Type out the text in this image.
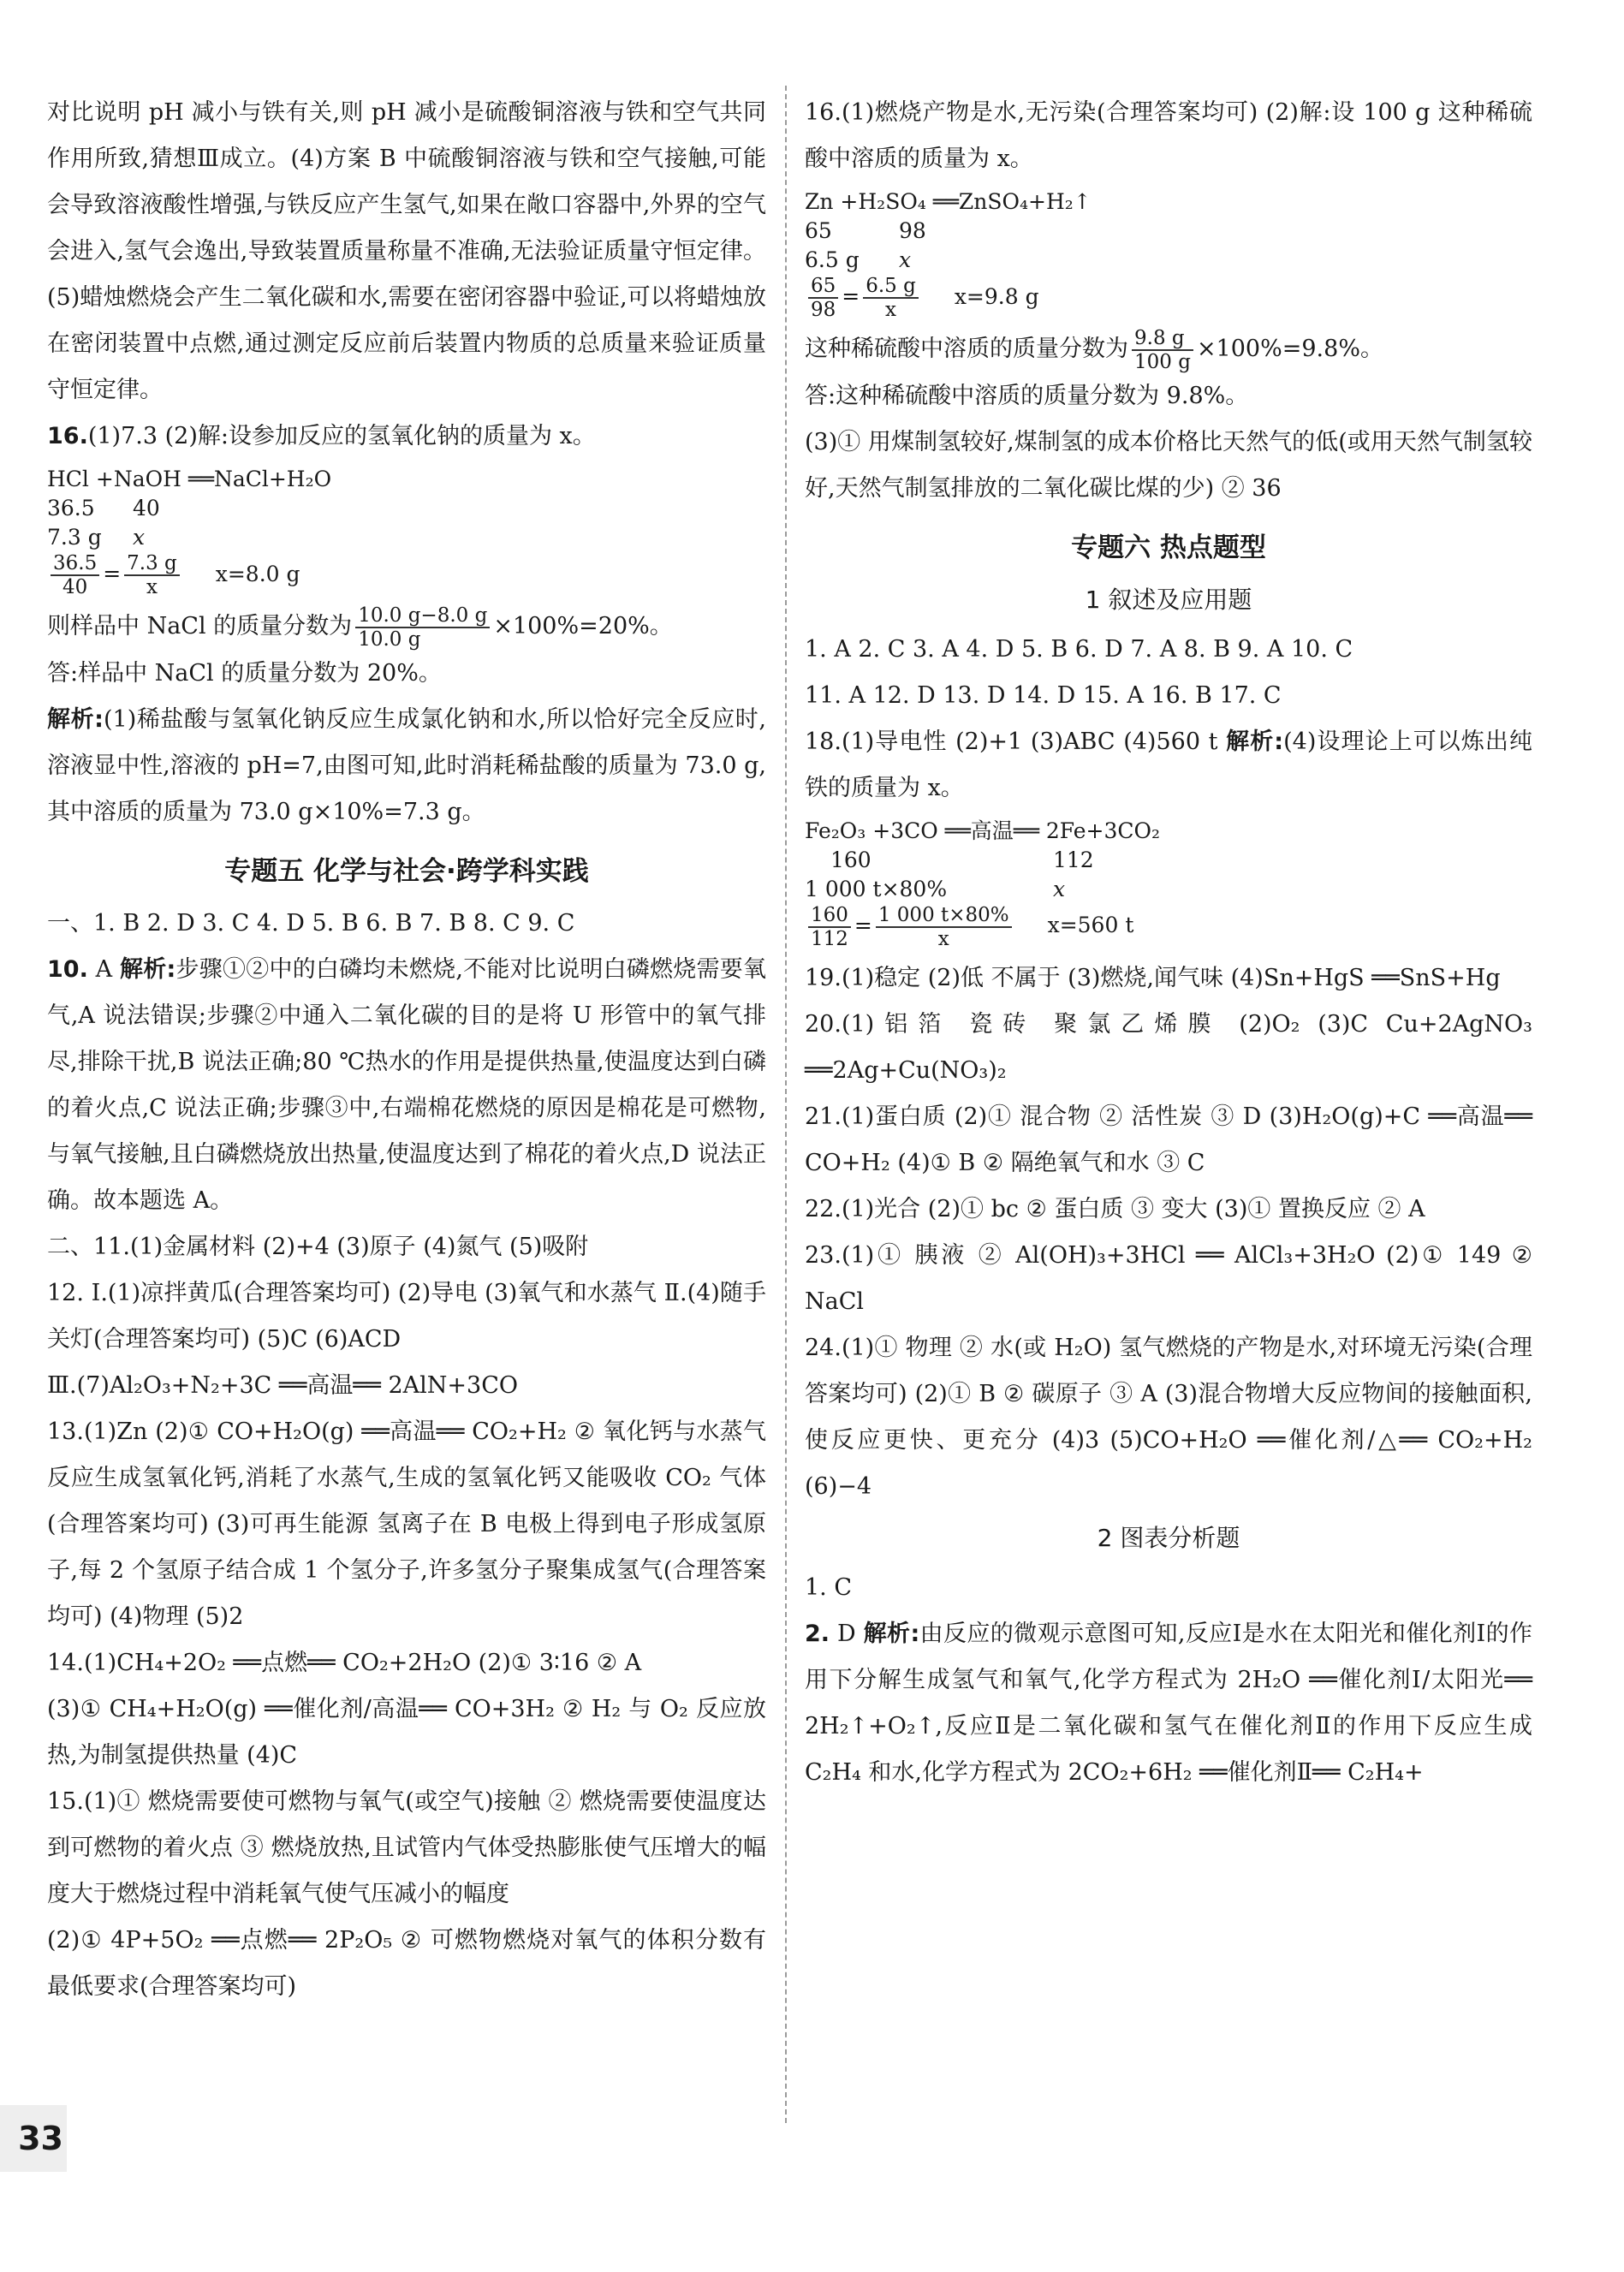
对比说明 pH 减小与铁有关,则 pH 减小是硫酸铜溶液与铁和空气共同作用所致,猜想Ⅲ成立。(4)方案 B 中硫酸铜溶液与铁和空气接触,可能会导致溶液酸性增强,与铁反应产生氢气,如果在敞口容器中,外界的空气会进入,氢气会逸出,导致装置质量称量不准确,无法验证质量守恒定律。(5)蜡烛燃烧会产生二氧化碳和水,需要在密闭容器中验证,可以将蜡烛放在密闭装置中点燃,通过测定反应前后装置内物质的总质量来验证质量守恒定律。
16.(1)7.3 (2)解:设参加反应的氢氧化钠的质量为 x。
HCl +NaOH ══NaCl+H₂O
36.5	40
7.3 g	x
$\frac{36.5}{40} = \frac{7.3 g}{x} x=8.0$ g
则样品中 NaCl 的质量分数为 $\frac{10.0 g-8.0 g}{10.0 g} \times 100\%=20\%$。
答:样品中 NaCl 的质量分数为 20%。
解析:(1)稀盐酸与氢氧化钠反应生成氯化钠和水,所以恰好完全反应时,溶液显中性,溶液的 pH=7,由图可知,此时消耗稀盐酸的质量为 73.0 g,其中溶质的质量为 73.0 g×10%=7.3 g。
专题五 化学与社会·跨学科实践
一、1. B 2. D 3. C 4. D 5. B 6. B 7. B 8. C 9. C
10. A 解析:步骤①②中的白磷均未燃烧,不能对比说明白磷燃烧需要氧气,A 说法错误;步骤②中通入二氧化碳的目的是将 U 形管中的氧气排尽,排除干扰,B 说法正确;80 ℃热水的作用是提供热量,使温度达到白磷的着火点,C 说法正确;步骤③中,右端棉花燃烧的原因是棉花是可燃物,与氧气接触,且白磷燃烧放出热量,使温度达到了棉花的着火点,D 说法正确。故本题选 A。
二、11.(1)金属材料 (2)+4 (3)原子 (4)氮气 (5)吸附
12. Ⅰ.(1)凉拌黄瓜(合理答案均可) (2)导电 (3)氧气和水蒸气 Ⅱ.(4)随手关灯(合理答案均可) (5)C (6)ACD
Ⅲ.(7)Al₂O₃+N₂+3C ══高温══ 2AlN+3CO
13.(1)Zn (2)① CO+H₂O(g) ══高温══ CO₂+H₂ ② 氧化钙与水蒸气反应生成氢氧化钙,消耗了水蒸气,生成的氢氧化钙又能吸收 CO₂ 气体(合理答案均可) (3)可再生能源 氢离子在 B 电极上得到电子形成氢原子,每 2 个氢原子结合成 1 个氢分子,许多氢分子聚集成氢气(合理答案均可) (4)物理 (5)2
14.(1)CH₄+2O₂ ══点燃══ CO₂+2H₂O (2)① 3∶16 ② A
(3)① CH₄+H₂O(g) ══催化剂/高温══ CO+3H₂ ② H₂ 与 O₂ 反应放热,为制氢提供热量 (4)C
15.(1)① 燃烧需要使可燃物与氧气(或空气)接触 ② 燃烧需要使温度达到可燃物的着火点 ③ 燃烧放热,且试管内气体受热膨胀使气压增大的幅度大于燃烧过程中消耗氧气使气压减小的幅度
(2)① 4P+5O₂ ══点燃══ 2P₂O₅ ② 可燃物燃烧对氧气的体积分数有最低要求(合理答案均可)
16.(1)燃烧产物是水,无污染(合理答案均可) (2)解:设 100 g 这种稀硫酸中溶质的质量为 x。
Zn +H₂SO₄ ══ZnSO₄+H₂↑
65	98
6.5 g	x
$\frac{65}{98} = \frac{6.5 g}{x} x=9.8$ g
这种稀硫酸中溶质的质量分数为 $\frac{9.8 g}{100 g} \times 100\%=9.8\%$。
答:这种稀硫酸中溶质的质量分数为 9.8%。
(3)① 用煤制氢较好,煤制氢的成本价格比天然气的低(或用天然气制氢较好,天然气制氢排放的二氧化碳比煤的少) ② 36
专题六 热点题型
1 叙述及应用题
1. A 2. C 3. A 4. D 5. B 6. D 7. A 8. B 9. A 10. C
11. A 12. D 13. D 14. D 15. A 16. B 17. C
18.(1)导电性 (2)+1 (3)ABC (4)560 t 解析:(4)设理论上可以炼出纯铁的质量为 x。
Fe₂O₃ +3CO ══高温══ 2Fe+3CO₂
160	112
1 000 t×80%	x
$\frac{160}{112} = \frac{1 000 t\times 80\%}{x} x=560$ t
19.(1)稳定 (2)低 不属于 (3)燃烧,闻气味 (4)Sn+HgS ══SnS+Hg
20.(1)铝箔 瓷砖 聚氯乙烯膜 (2)O₂ (3)C Cu+2AgNO₃ ══2Ag+Cu(NO₃)₂
21.(1)蛋白质 (2)① 混合物 ② 活性炭 ③ D (3)H₂O(g)+C ══高温══ CO+H₂ (4)① B ② 隔绝氧气和水 ③ C
22.(1)光合 (2)① bc ② 蛋白质 ③ 变大 (3)① 置换反应 ② A
23.(1)① 胰液 ② Al(OH)₃+3HCl ══ AlCl₃+3H₂O (2)① 149 ② NaCl
24.(1)① 物理 ② 水(或 H₂O) 氢气燃烧的产物是水,对环境无污染(合理答案均可) (2)① B ② 碳原子 ③ A (3)混合物增大反应物间的接触面积,使反应更快、更充分 (4)3 (5)CO+H₂O ══催化剂/△══ CO₂+H₂ (6)−4
2 图表分析题
1. C
2. D 解析:由反应的微观示意图可知,反应Ⅰ是水在太阳光和催化剂Ⅰ的作用下分解生成氢气和氧气,化学方程式为 2H₂O ══催化剂Ⅰ/太阳光══ 2H₂↑+O₂↑,反应Ⅱ是二氧化碳和氢气在催化剂Ⅱ的作用下反应生成 C₂H₄ 和水,化学方程式为 2CO₂+6H₂ ══催化剂Ⅱ══ C₂H₄+
33
